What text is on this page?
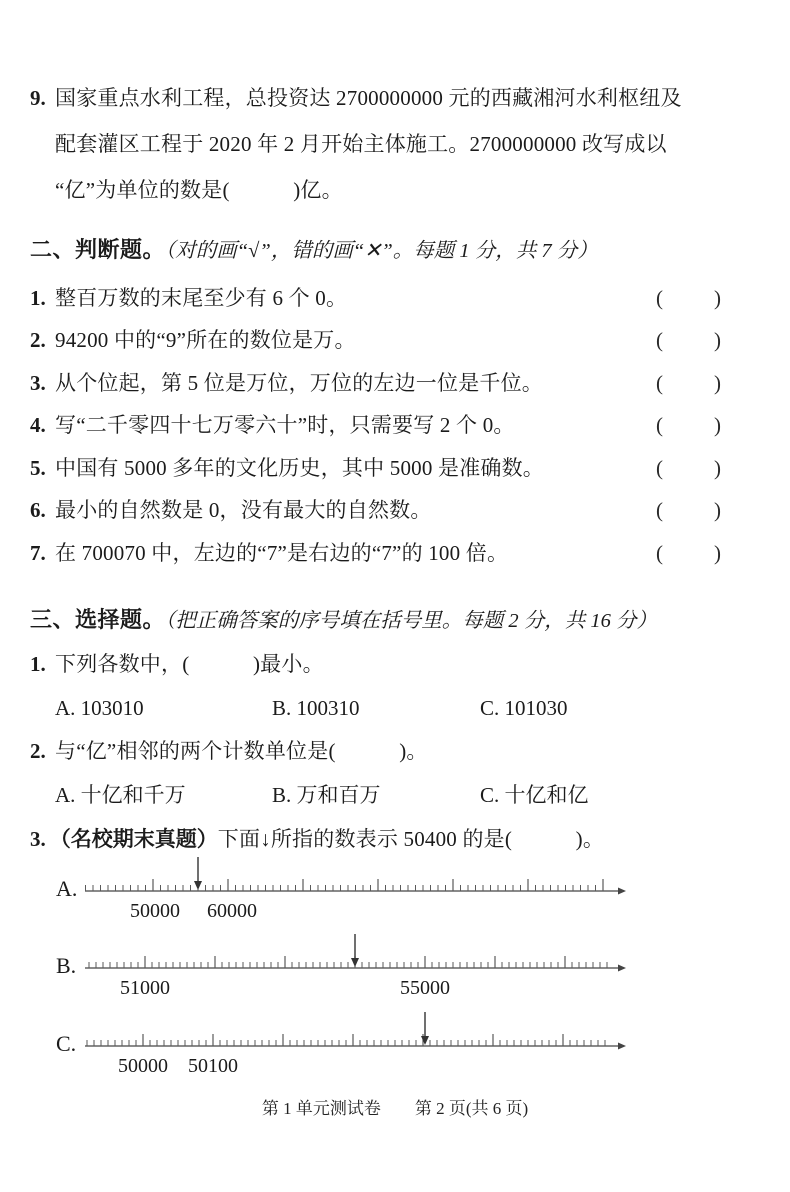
9. 国家重点水利工程，总投资达 2700000000 元的西藏湘河水利枢纽及
配套灌区工程于 2020 年 2 月开始主体施工。2700000000 改写成以
“亿”为单位的数是(　　　)亿。
二、判断题。（对的画“√”，错的画“✕”。每题 1 分，共 7 分）
1. 整百万数的末尾至少有 6 个 0。	( )
2. 94200 中的“9”所在的数位是万。	( )
3. 从个位起，第 5 位是万位，万位的左边一位是千位。	( )
4. 写“二千零四十七万零六十”时，只需要写 2 个 0。	( )
5. 中国有 5000 多年的文化历史，其中 5000 是准确数。	( )
6. 最小的自然数是 0，没有最大的自然数。	( )
7. 在 700070 中，左边的“7”是右边的“7”的 100 倍。	( )
三、选择题。（把正确答案的序号填在括号里。每题 2 分，共 16 分）
1. 下列各数中，(　　　)最小。
A. 103010	B. 100310	C. 101030
2. 与“亿”相邻的两个计数单位是(　　　)。
A. 十亿和千万	B. 万和百万	C. 十亿和亿
3. （名校期末真题）下面↓所指的数表示 50400 的是(　　　)。
A.
50000 60000
B.
51000	55000
C.
50000 50100
第 1 单元测试卷　　第 2 页(共 6 页)
